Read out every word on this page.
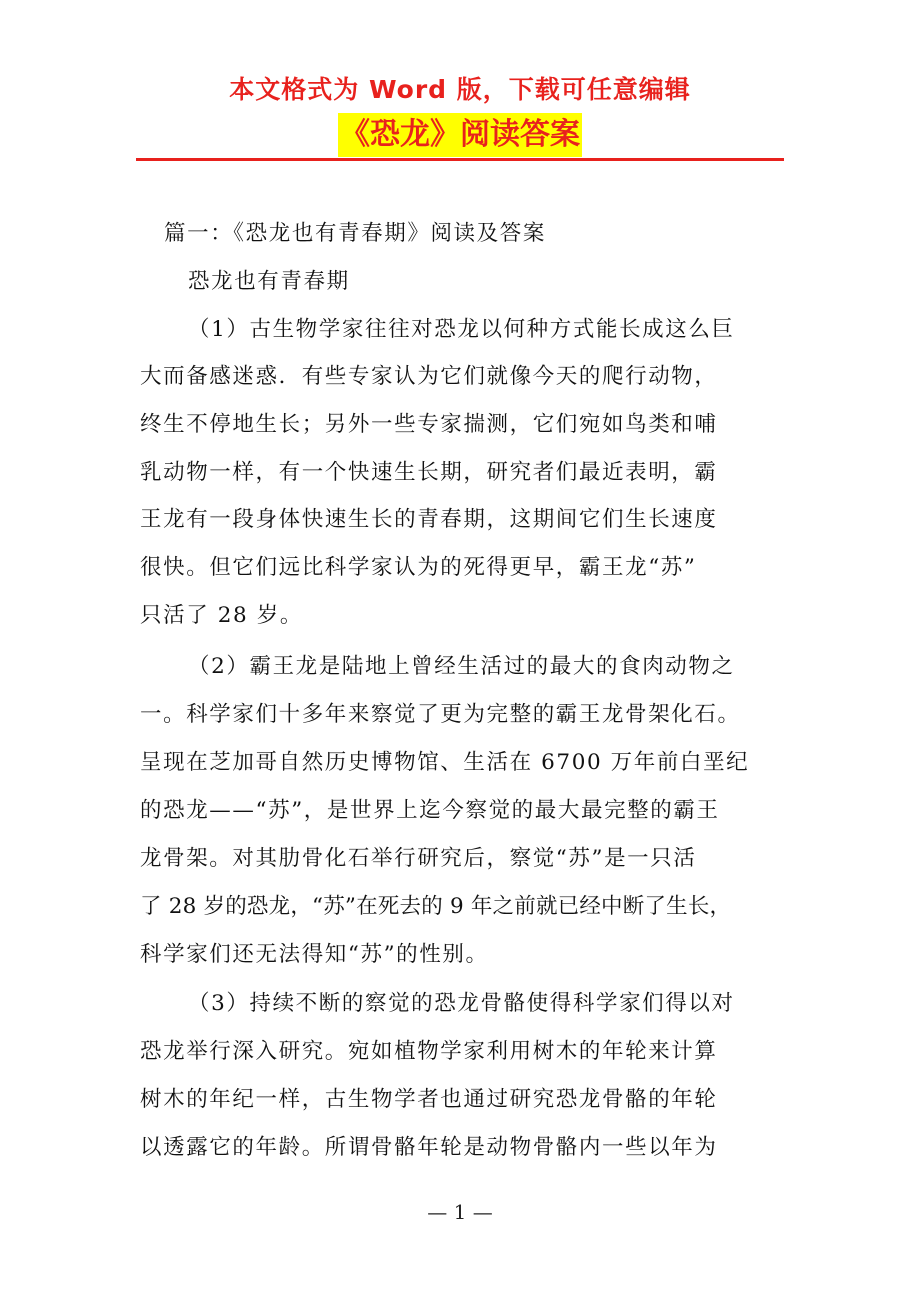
本文格式为 Word 版，下载可任意编辑
《恐龙》阅读答案
篇一：《恐龙也有青春期》阅读及答案
恐龙也有青春期
（1）古生物学家往往对恐龙以何种方式能长成这么巨
大而备感迷惑．有些专家认为它们就像今天的爬行动物，
终生不停地生长；另外一些专家揣测，它们宛如鸟类和哺
乳动物一样，有一个快速生长期，研究者们最近表明，霸
王龙有一段身体快速生长的青春期，这期间它们生长速度
很快。但它们远比科学家认为的死得更早，霸王龙“苏”
只活了 28 岁。
（2）霸王龙是陆地上曾经生活过的最大的食肉动物之
一。科学家们十多年来察觉了更为完整的霸王龙骨架化石。
呈现在芝加哥自然历史博物馆、生活在 6700 万年前白垩纪
的恐龙——“苏”，是世界上迄今察觉的最大最完整的霸王
龙骨架。对其肋骨化石举行研究后，察觉“苏”是一只活
了 28 岁的恐龙，“苏”在死去的 9 年之前就已经中断了生长，
科学家们还无法得知“苏”的性别。
（3）持续不断的察觉的恐龙骨骼使得科学家们得以对
恐龙举行深入研究。宛如植物学家利用树木的年轮来计算
树木的年纪一样，古生物学者也通过研究恐龙骨骼的年轮
以透露它的年龄。所谓骨骼年轮是动物骨骼内一些以年为
— 1 —
